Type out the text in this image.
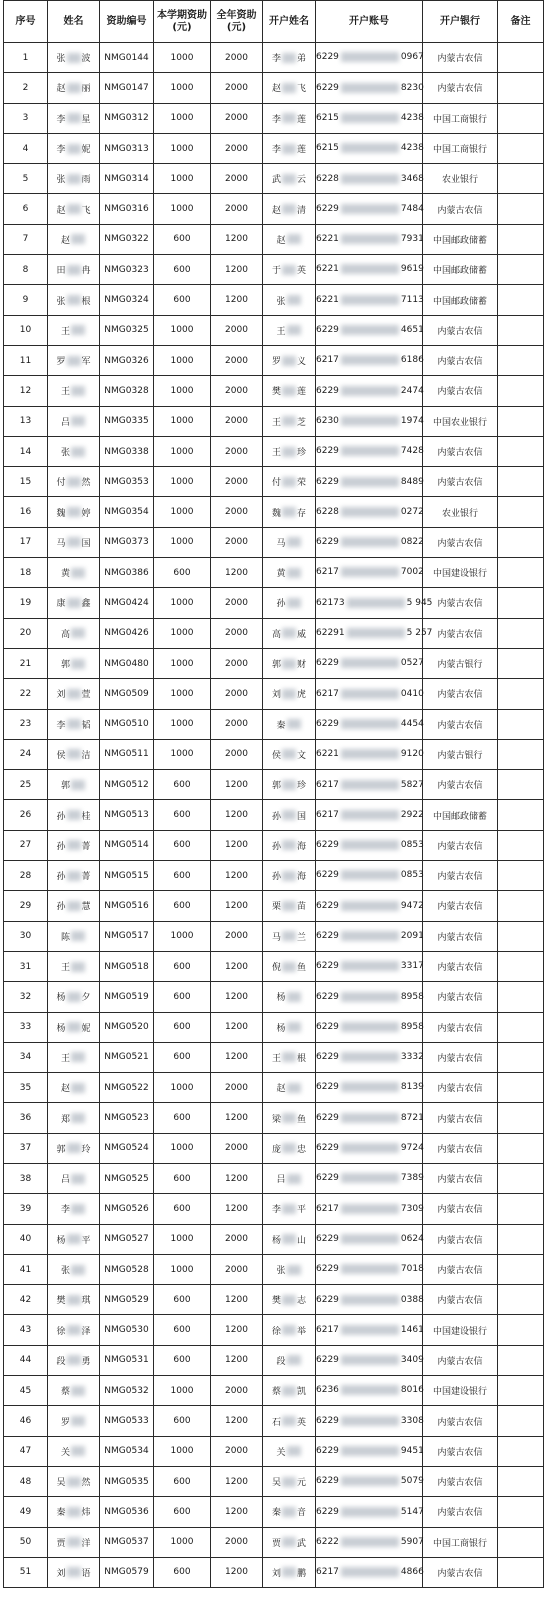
序号	姓名	资助编号	本学期资助(元)	全年资助(元)	开户姓名	开户账号	开户银行	备注
1	张 波	NMG0144	1000	2000	李 弟	6229 0967	内蒙古农信	
2	赵 丽	NMG0147	1000	2000	赵 飞	6229 8230	内蒙古农信	
3	李 星	NMG0312	1000	2000	李 莲	6215 4238	中国工商银行	
4	李 妮	NMG0313	1000	2000	李 莲	6215 4238	中国工商银行	
5	张 雨	NMG0314	1000	2000	武 云	6228 3468	农业银行	
6	赵 飞	NMG0316	1000	2000	赵 清	6229 7484	内蒙古农信	
7	赵	NMG0322	600	1200	赵	6221 7931	中国邮政储蓄	
8	田 冉	NMG0323	600	1200	于 英	6221 9619	中国邮政储蓄	
9	张 根	NMG0324	600	1200	张	6221 7113	中国邮政储蓄	
10	王	NMG0325	1000	2000	王	6229 4651	内蒙古农信	
11	罗 军	NMG0326	1000	2000	罗 义	6217 6186	内蒙古农信	
12	王	NMG0328	1000	2000	樊 莲	6229 2474	内蒙古农信	
13	吕	NMG0335	1000	2000	王 芝	6230 1974	中国农业银行	
14	张	NMG0338	1000	2000	王 珍	6229 7428	内蒙古农信	
15	付 然	NMG0353	1000	2000	付 荣	6229 8489	内蒙古农信	
16	魏 婷	NMG0354	1000	2000	魏 存	6228 0272	农业银行	
17	马 国	NMG0373	1000	2000	马	6229 0822	内蒙古农信	
18	黄	NMG0386	600	1200	黄	6217 7002	中国建设银行	
19	康 鑫	NMG0424	1000	2000	孙	62173 5 945	内蒙古农信	
20	高	NMG0426	1000	2000	高 威	62291 5 257	内蒙古农信	
21	郭	NMG0480	1000	2000	郭 财	6229 0527	内蒙古银行	
22	刘 萱	NMG0509	1000	2000	刘 虎	6217 0410	内蒙古农信	
23	李 韬	NMG0510	1000	2000	秦	6229 4454	内蒙古农信	
24	侯 洁	NMG0511	1000	2000	侯 文	6221 9120	内蒙古银行	
25	郭	NMG0512	600	1200	郭 珍	6217 5827	内蒙古农信	
26	孙 桂	NMG0513	600	1200	孙 国	6217 2922	中国邮政储蓄	
27	孙 菁	NMG0514	600	1200	孙 海	6229 0853	内蒙古农信	
28	孙 菁	NMG0515	600	1200	孙 海	6229 0853	内蒙古农信	
29	孙 慧	NMG0516	600	1200	栗 苗	6229 9472	内蒙古农信	
30	陈	NMG0517	1000	2000	马 兰	6229 2091	内蒙古农信	
31	王	NMG0518	600	1200	倪 鱼	6229 3317	内蒙古农信	
32	杨 夕	NMG0519	600	1200	杨	6229 8958	内蒙古农信	
33	杨 妮	NMG0520	600	1200	杨	6229 8958	内蒙古农信	
34	王	NMG0521	600	1200	王 根	6229 3332	内蒙古农信	
35	赵	NMG0522	1000	2000	赵	6229 8139	内蒙古农信	
36	郑	NMG0523	600	1200	梁 鱼	6229 8721	内蒙古农信	
37	郭 玲	NMG0524	1000	2000	庞 忠	6229 9724	内蒙古农信	
38	吕	NMG0525	600	1200	吕	6229 7389	内蒙古农信	
39	李	NMG0526	600	1200	李 平	6217 7309	内蒙古农信	
40	杨 平	NMG0527	1000	2000	杨 山	6229 0624	内蒙古农信	
41	张	NMG0528	1000	2000	张	6229 7018	内蒙古农信	
42	樊 琪	NMG0529	600	1200	樊 志	6229 0388	内蒙古农信	
43	徐 泽	NMG0530	600	1200	徐 举	6217 1461	中国建设银行	
44	段 勇	NMG0531	600	1200	段	6229 3409	内蒙古农信	
45	蔡	NMG0532	1000	2000	蔡 凯	6236 8016	中国建设银行	
46	罗	NMG0533	600	1200	石 英	6229 3308	内蒙古农信	
47	关	NMG0534	1000	2000	关	6229 9451	内蒙古农信	
48	吴 然	NMG0535	600	1200	吴 元	6229 5079	内蒙古农信	
49	秦 炜	NMG0536	600	1200	秦 音	6229 5147	内蒙古农信	
50	贾 洋	NMG0537	1000	2000	贾 武	6222 5907	中国工商银行	
51	刘 语	NMG0579	600	1200	刘 鹏	6217 4866	内蒙古农信	
